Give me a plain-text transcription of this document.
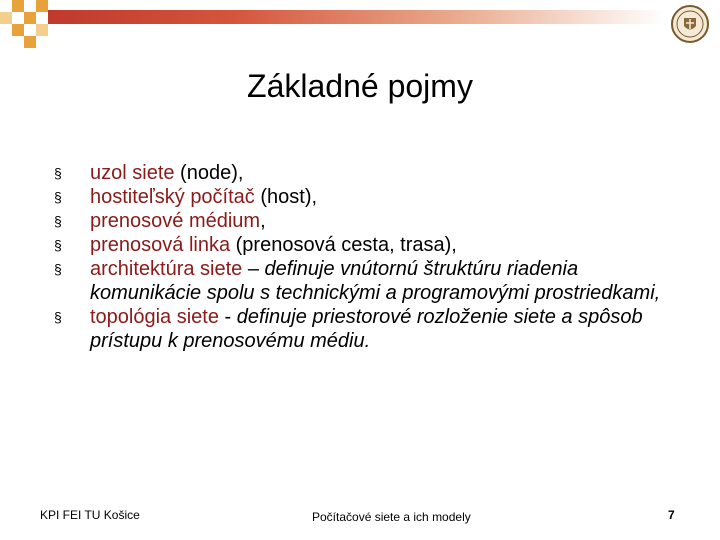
Základné pojmy
§ uzol siete (node),
§ hostiteľský počítač (host),
§ prenosové médium,
§ prenosová linka (prenosová cesta, trasa),
§ architektúra siete – definuje vnútornú štruktúru riadenia komunikácie spolu s technickými a programovými prostriedkami,
§ topológia siete - definuje priestorové rozloženie siete a spôsob prístupu k prenosovému médiu.
KPI FEI TU Košice	Počítačové siete a ich modely	7
